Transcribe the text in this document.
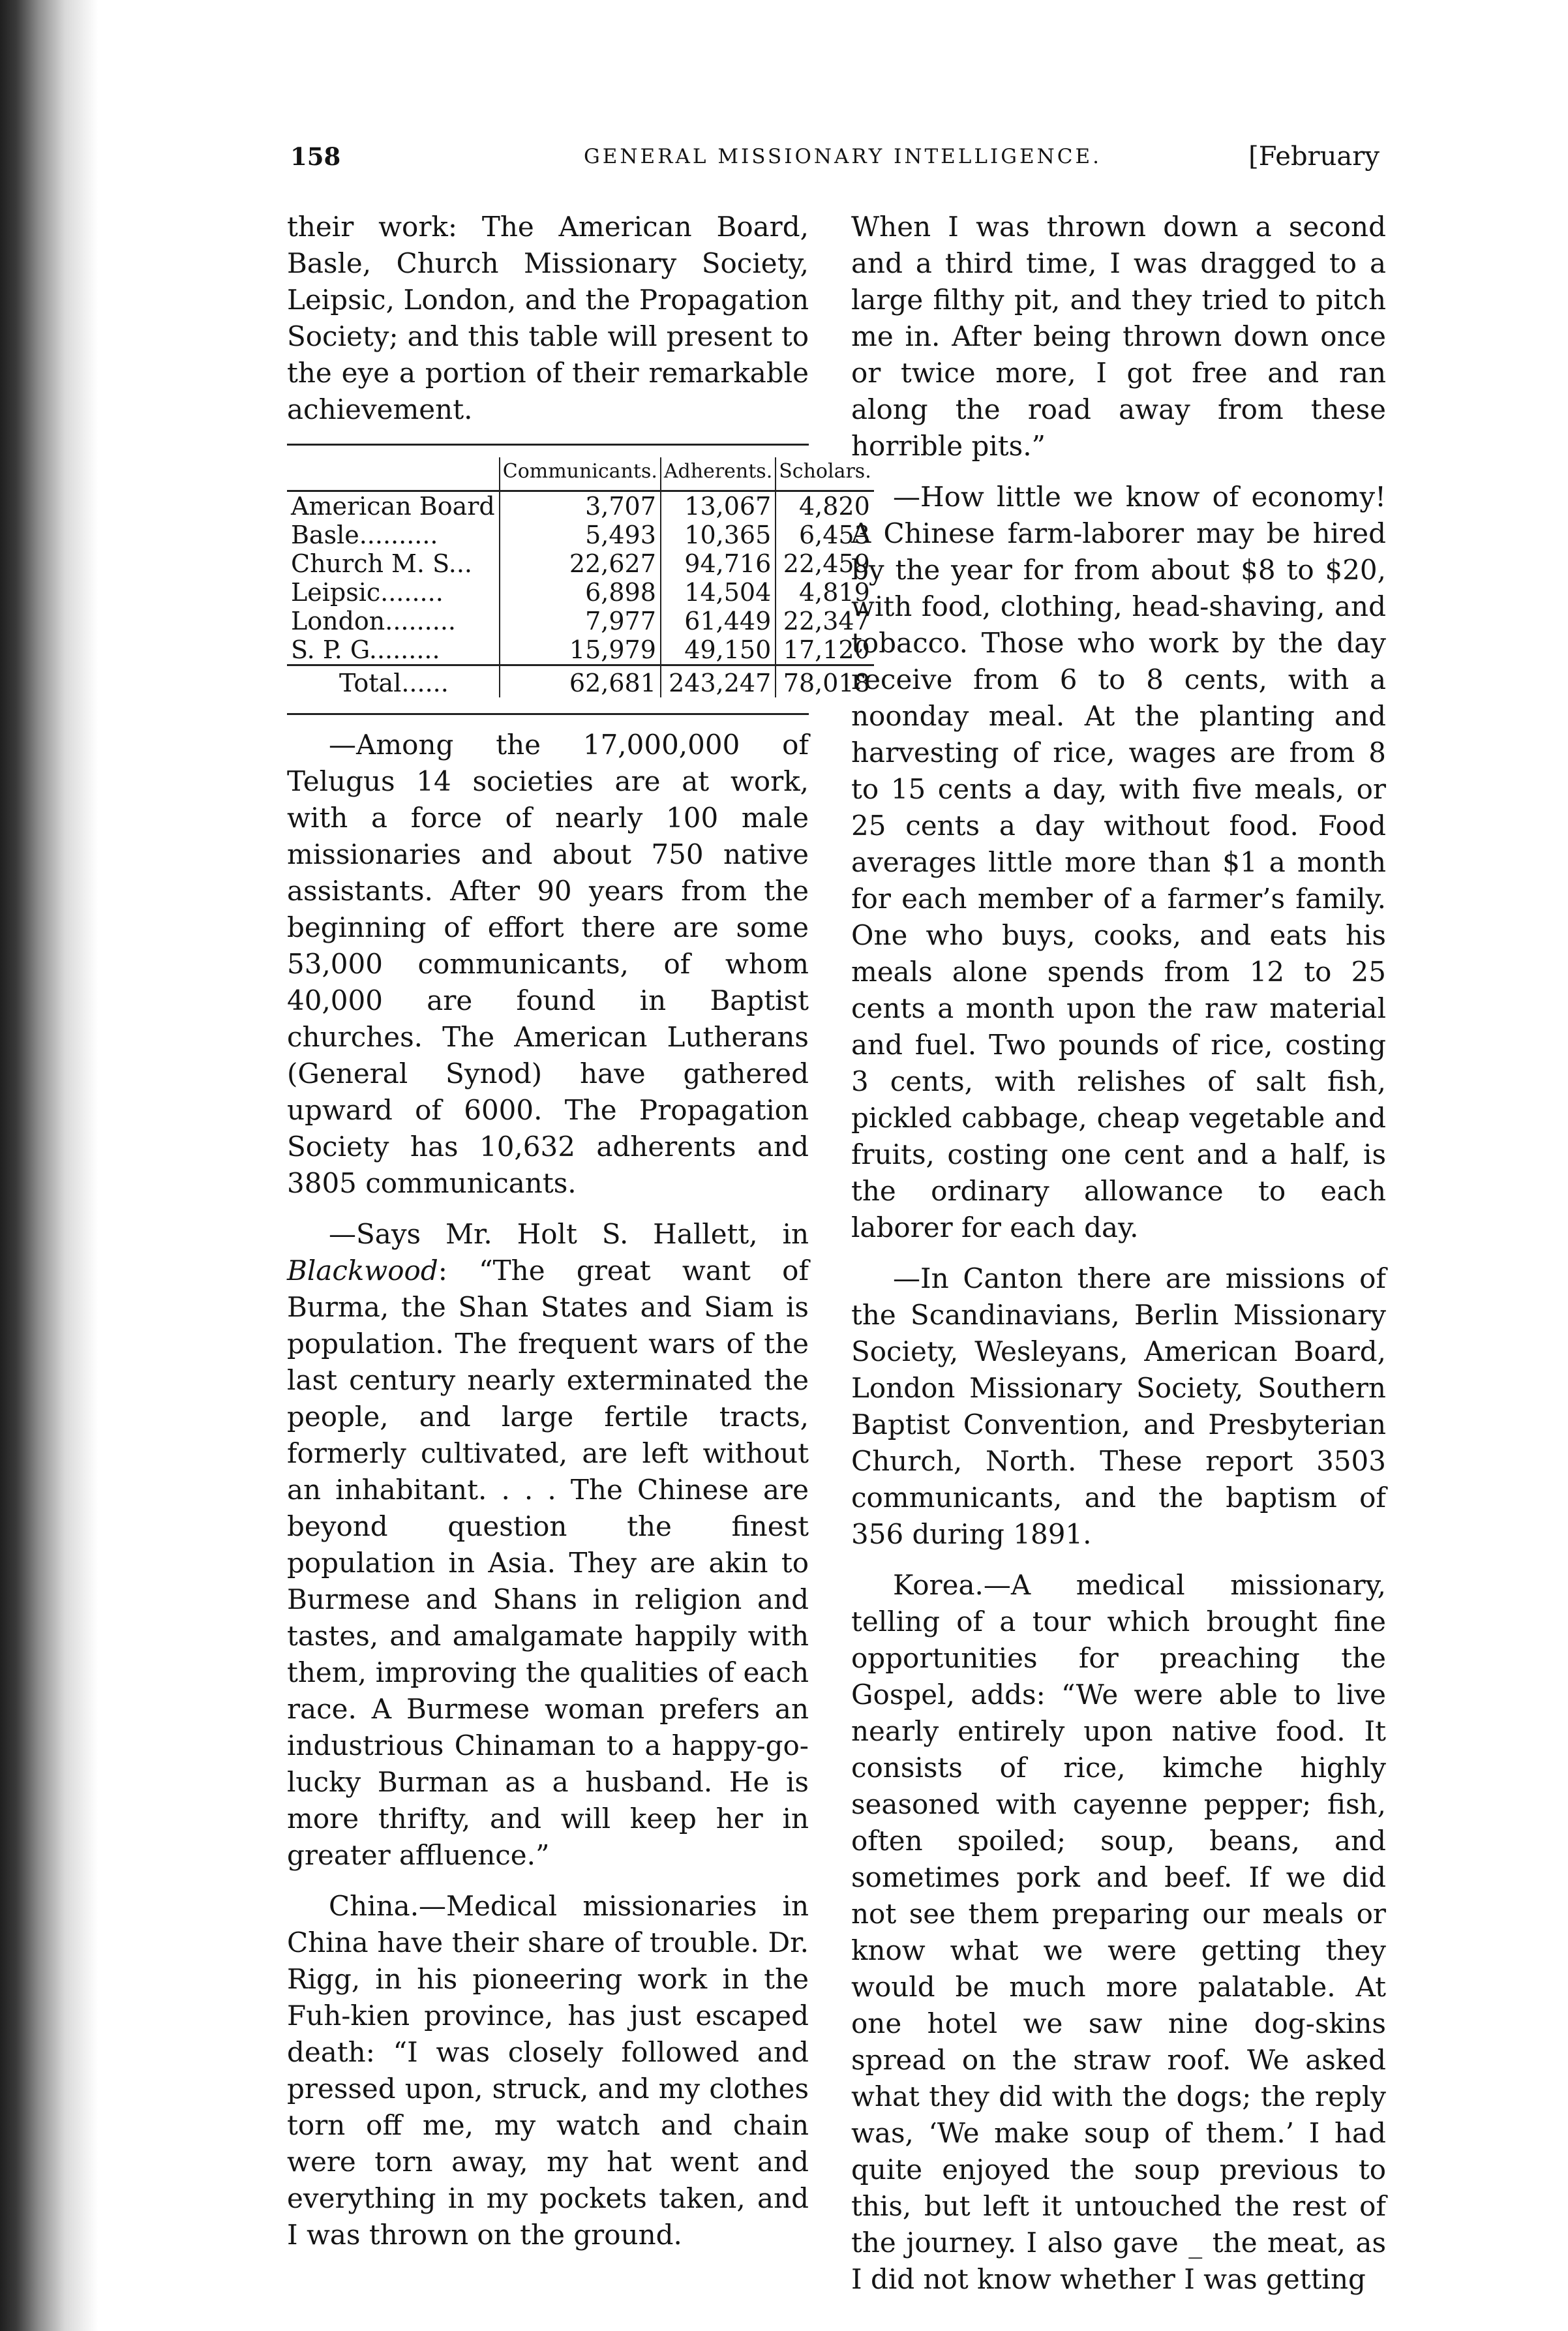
158	GENERAL MISSIONARY INTELLIGENCE.	[February

their work: The American Board, Basle, Church Missionary Society, Leipsic, London, and the Propagation Society; and this table will present to the eye a portion of their remarkable achievement.

	Communicants.	Adherents.	Scholars.
American Board	3,707	13,067	4,820
Basle..........	5,493	10,365	6,453
Church M. S...	22,627	94,716	22,459
Leipsic........	6,898	14,504	4,819
London.........	7,977	61,449	22,347
S. P. G.........	15,979	49,150	17,120
Total......	62,681	243,247	78,018

—Among the 17,000,000 of Telugus 14 societies are at work, with a force of nearly 100 male missionaries and about 750 native assistants. After 90 years from the beginning of effort there are some 53,000 communicants, of whom 40,000 are found in Baptist churches. The American Lutherans (General Synod) have gathered upward of 6000. The Propagation Society has 10,632 adherents and 3805 communicants.

—Says Mr. Holt S. Hallett, in Blackwood: “The great want of Burma, the Shan States and Siam is population. The frequent wars of the last century nearly exterminated the people, and large fertile tracts, formerly cultivated, are left without an inhabitant. . . . The Chinese are beyond question the finest population in Asia. They are akin to Burmese and Shans in religion and tastes, and amalgamate happily with them, improving the qualities of each race. A Burmese woman prefers an industrious Chinaman to a happy-go-lucky Burman as a husband. He is more thrifty, and will keep her in greater affluence.”

China.—Medical missionaries in China have their share of trouble. Dr. Rigg, in his pioneering work in the Fuh-kien province, has just escaped death: “I was closely followed and pressed upon, struck, and my clothes torn off me, my watch and chain were torn away, my hat went and everything in my pockets taken, and I was thrown on the ground.

When I was thrown down a second and a third time, I was dragged to a large filthy pit, and they tried to pitch me in. After being thrown down once or twice more, I got free and ran along the road away from these horrible pits.”

—How little we know of economy! A Chinese farm-laborer may be hired by the year for from about $8 to $20, with food, clothing, head-shaving, and tobacco. Those who work by the day receive from 6 to 8 cents, with a noonday meal. At the planting and harvesting of rice, wages are from 8 to 15 cents a day, with five meals, or 25 cents a day without food. Food averages little more than $1 a month for each member of a farmer’s family. One who buys, cooks, and eats his meals alone spends from 12 to 25 cents a month upon the raw material and fuel. Two pounds of rice, costing 3 cents, with relishes of salt fish, pickled cabbage, cheap vegetable and fruits, costing one cent and a half, is the ordinary allowance to each laborer for each day.

—In Canton there are missions of the Scandinavians, Berlin Missionary Society, Wesleyans, American Board, London Missionary Society, Southern Baptist Convention, and Presbyterian Church, North. These report 3503 communicants, and the baptism of 356 during 1891.

Korea.—A medical missionary, telling of a tour which brought fine opportunities for preaching the Gospel, adds: “We were able to live nearly entirely upon native food. It consists of rice, kimche highly seasoned with cayenne pepper; fish, often spoiled; soup, beans, and sometimes pork and beef. If we did not see them preparing our meals or know what we were getting they would be much more palatable. At one hotel we saw nine dog-skins spread on the straw roof. We asked what they did with the dogs; the reply was, ‘We make soup of them.’ I had quite enjoyed the soup previous to this, but left it untouched the rest of the journey. I also gave _ the meat, as I did not know whether I was getting
